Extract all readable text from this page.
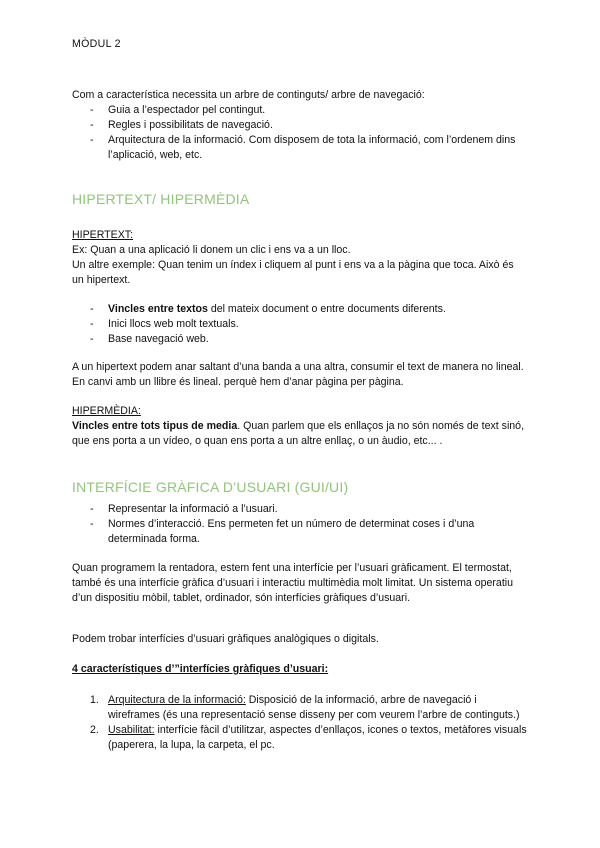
MÒDUL 2

Com a característica necessita un arbre de continguts/ arbre de navegació:

- Guia a l’espectador pel contingut.
- Regles i possibilitats de navegació.
- Arquitectura de la informació. Com disposem de tota la informació, com l’ordenem dins l’aplicació, web, etc.
HIPERTEXT/ HIPERMÈDIA

HIPERTEXT:

Ex: Quan a una aplicació li donem un clic i ens va a un lloc.

Un altre exemple: Quan tenim un índex i cliquem al punt i ens va a la pàgina que toca. Això és un hipertext.

- Vincles entre textos del mateix document o entre documents diferents.
- Inici llocs web molt textuals.
- Base navegació web.
A un hipertext podem anar saltant d’una banda a una altra, consumir el text de manera no lineal. En canvi amb un llibre és lineal. perquè hem d’anar pàgina per pàgina.

HIPERMÈDIA:

Vincles entre tots tipus de media. Quan parlem que els enllaços ja no són només de text sinó, que ens porta a un vídeo, o quan ens porta a un altre enllaç, o un àudio, etc... .

INTERFÍCIE GRÀFICA D’USUARI (GUI/UI)
- Representar la informació a l’usuari.
- Normes d’interacció. Ens permeten fet un número de determinat coses i d’una determinada forma.
Quan programem la rentadora, estem fent una interfície per l’usuari gràficament. El termostat, també és una interfície gràfica d’usuari i interactiu multimèdia molt limitat. Un sistema operatiu d’un dispositiu mòbil, tablet, ordinador, són interfícies gràfiques d’usuari.
Podem trobar interfícies d’usuari gràfiques analògiques o digitals.
4 característiques d’”interfícies gràfiques d’usuari:
1. Arquitectura de la informació: Disposició de la informació, arbre de navegació i wireframes (és una representació sense disseny per com veurem l’arbre de continguts.)
2. Usabilitat: interfície fàcil d’utilitzar, aspectes d’enllaços, icones o textos, metàfores visuals (paperera, la lupa, la carpeta, el pc.
